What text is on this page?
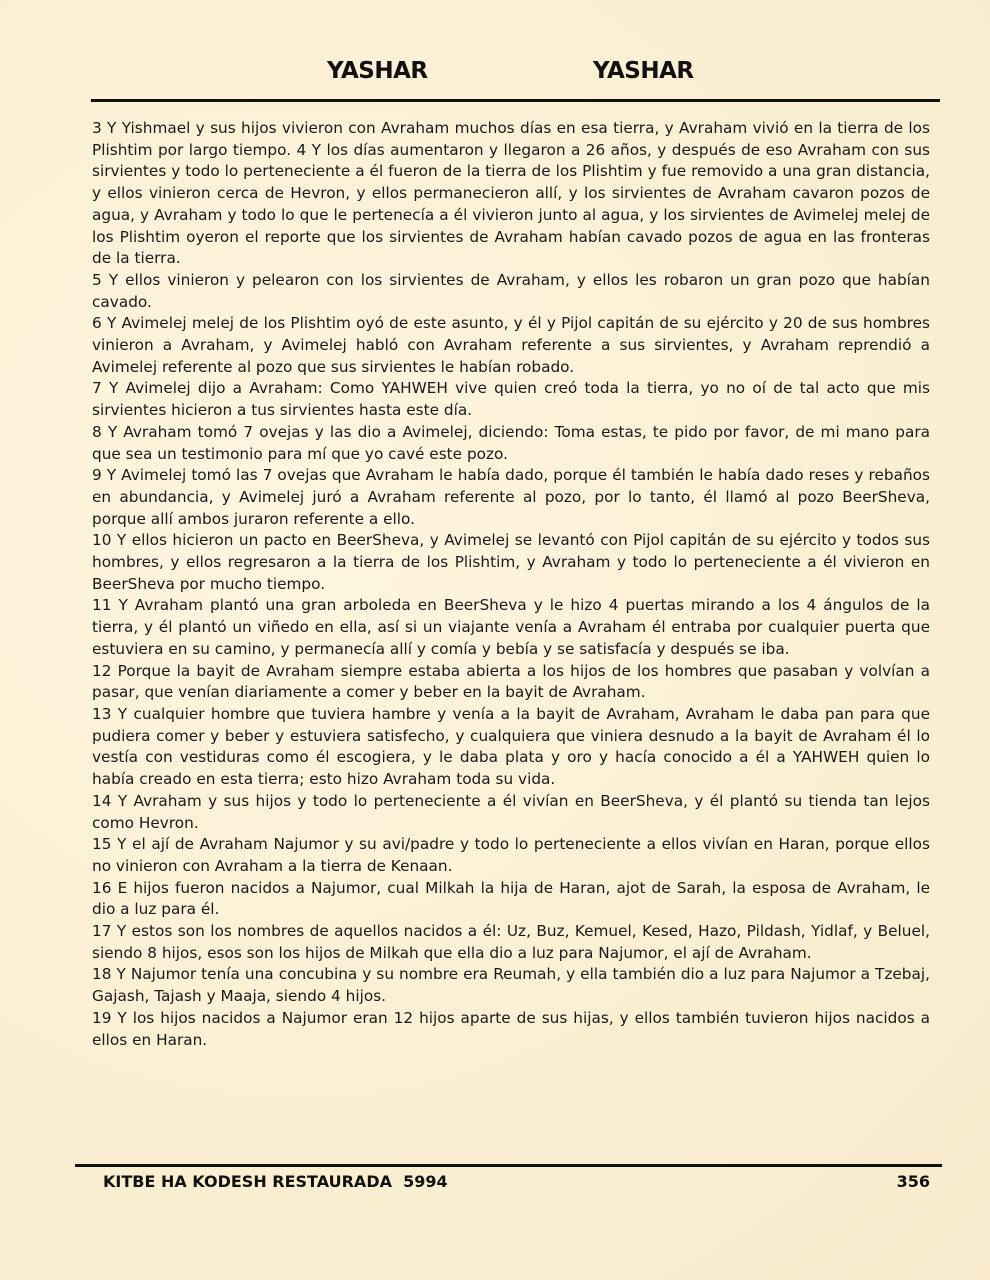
YASHAR	YASHAR

3 Y Yishmael y sus hijos vivieron con Avraham muchos días en esa tierra, y Avraham vivió en la tierra de los Plishtim por largo tiempo. 4 Y los días aumentaron y llegaron a 26 años, y después de eso Avraham con sus sirvientes y todo lo perteneciente a él fueron de la tierra de los Plishtim y fue removido a una gran distancia, y ellos vinieron cerca de Hevron, y ellos permanecieron allí, y los sirvientes de Avraham cavaron pozos de agua, y Avraham y todo lo que le pertenecía a él vivieron junto al agua, y los sirvientes de Avimelej melej de los Plishtim oyeron el reporte que los sirvientes de Avraham habían cavado pozos de agua en las fronteras de la tierra.

5 Y ellos vinieron y pelearon con los sirvientes de Avraham, y ellos les robaron un gran pozo que habían cavado.

6 Y Avimelej melej de los Plishtim oyó de este asunto, y él y Pijol capitán de su ejército y 20 de sus hombres vinieron a Avraham, y Avimelej habló con Avraham referente a sus sirvientes, y Avraham reprendió a Avimelej referente al pozo que sus sirvientes le habían robado.

7 Y Avimelej dijo a Avraham: Como YAHWEH vive quien creó toda la tierra, yo no oí de tal acto que mis sirvientes hicieron a tus sirvientes hasta este día.

8 Y Avraham tomó 7 ovejas y las dio a Avimelej, diciendo: Toma estas, te pido por favor, de mi mano para que sea un testimonio para mí que yo cavé este pozo.

9 Y Avimelej tomó las 7 ovejas que Avraham le había dado, porque él también le había dado reses y rebaños en abundancia, y Avimelej juró a Avraham referente al pozo, por lo tanto, él llamó al pozo BeerSheva, porque allí ambos juraron referente a ello.

10 Y ellos hicieron un pacto en BeerSheva, y Avimelej se levantó con Pijol capitán de su ejército y todos sus hombres, y ellos regresaron a la tierra de los Plishtim, y Avraham y todo lo perteneciente a él vivieron en BeerSheva por mucho tiempo.

11 Y Avraham plantó una gran arboleda en BeerSheva y le hizo 4 puertas mirando a los 4 ángulos de la tierra, y él plantó un viñedo en ella, así si un viajante venía a Avraham él entraba por cualquier puerta que estuviera en su camino, y permanecía allí y comía y bebía y se satisfacía y después se iba.

12 Porque la bayit de Avraham siempre estaba abierta a los hijos de los hombres que pasaban y volvían a pasar, que venían diariamente a comer y beber en la bayit de Avraham.

13 Y cualquier hombre que tuviera hambre y venía a la bayit de Avraham, Avraham le daba pan para que pudiera comer y beber y estuviera satisfecho, y cualquiera que viniera desnudo a la bayit de Avraham él lo vestía con vestiduras como él escogiera, y le daba plata y oro y hacía conocido a él a YAHWEH quien lo había creado en esta tierra; esto hizo Avraham toda su vida.

14 Y Avraham y sus hijos y todo lo perteneciente a él vivían en BeerSheva, y él plantó su tienda tan lejos como Hevron.

15 Y el ají de Avraham Najumor y su avi/padre y todo lo perteneciente a ellos vivían en Haran, porque ellos no vinieron con Avraham a la tierra de Kenaan.

16 E hijos fueron nacidos a Najumor, cual Milkah la hija de Haran, ajot de Sarah, la esposa de Avraham, le dio a luz para él.

17 Y estos son los nombres de aquellos nacidos a él: Uz, Buz, Kemuel, Kesed, Hazo, Pildash, Yidlaf, y Beluel, siendo 8 hijos, esos son los hijos de Milkah que ella dio a luz para Najumor, el ají de Avraham.

18 Y Najumor tenía una concubina y su nombre era Reumah, y ella también dio a luz para Najumor a Tzebaj, Gajash, Tajash y Maaja, siendo 4 hijos.

19 Y los hijos nacidos a Najumor eran 12 hijos aparte de sus hijas, y ellos también tuvieron hijos nacidos a ellos en Haran.

KITBE HA KODESH RESTAURADA  5994	356
